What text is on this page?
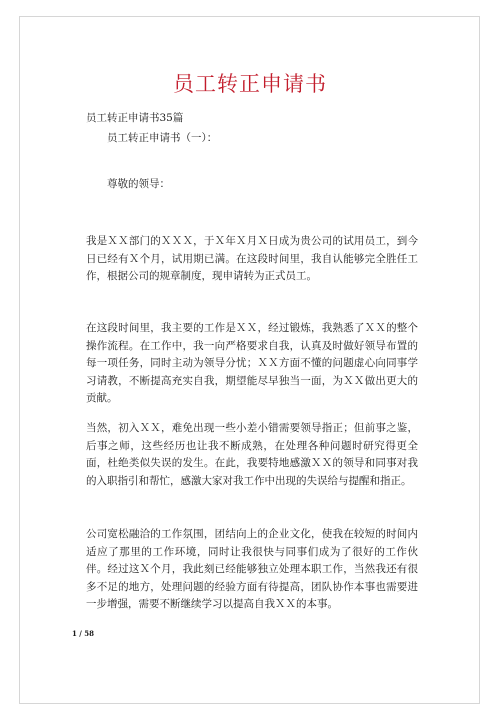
员工转正申请书

员工转正申请书35篇

员工转正申请书（一）：

尊敬的领导：

我是ＸＸ部门的ＸＸＸ，于Ｘ年Ｘ月Ｘ日成为贵公司的试用员工，到今日已经有Ｘ个月，试用期已满。在这段时间里，我自认能够完全胜任工作，根据公司的规章制度，现申请转为正式员工。

在这段时间里，我主要的工作是ＸＸ，经过锻炼，我熟悉了ＸＸ的整个操作流程。在工作中，我一向严格要求自我，认真及时做好领导布置的每一项任务，同时主动为领导分忧；ＸＸ方面不懂的问题虚心向同事学习请教，不断提高充实自我，期望能尽早独当一面，为ＸＸ做出更大的贡献。

当然，初入ＸＸ，难免出现一些小差小错需要领导指正；但前事之鉴，后事之师，这些经历也让我不断成熟，在处理各种问题时研究得更全面，杜绝类似失误的发生。在此，我要特地感激ＸＸ的领导和同事对我的入职指引和帮忙，感激大家对我工作中出现的失误给与提醒和指正。

公司宽松融洽的工作氛围，团结向上的企业文化，使我在较短的时间内适应了那里的工作环境，同时让我很快与同事们成为了很好的工作伙伴。经过这Ｘ个月，我此刻已经能够独立处理本职工作，当然我还有很多不足的地方，处理问题的经验方面有待提高，团队协作本事也需要进一步增强，需要不断继续学习以提高自我ＸＸ的本事。

1 / 58
